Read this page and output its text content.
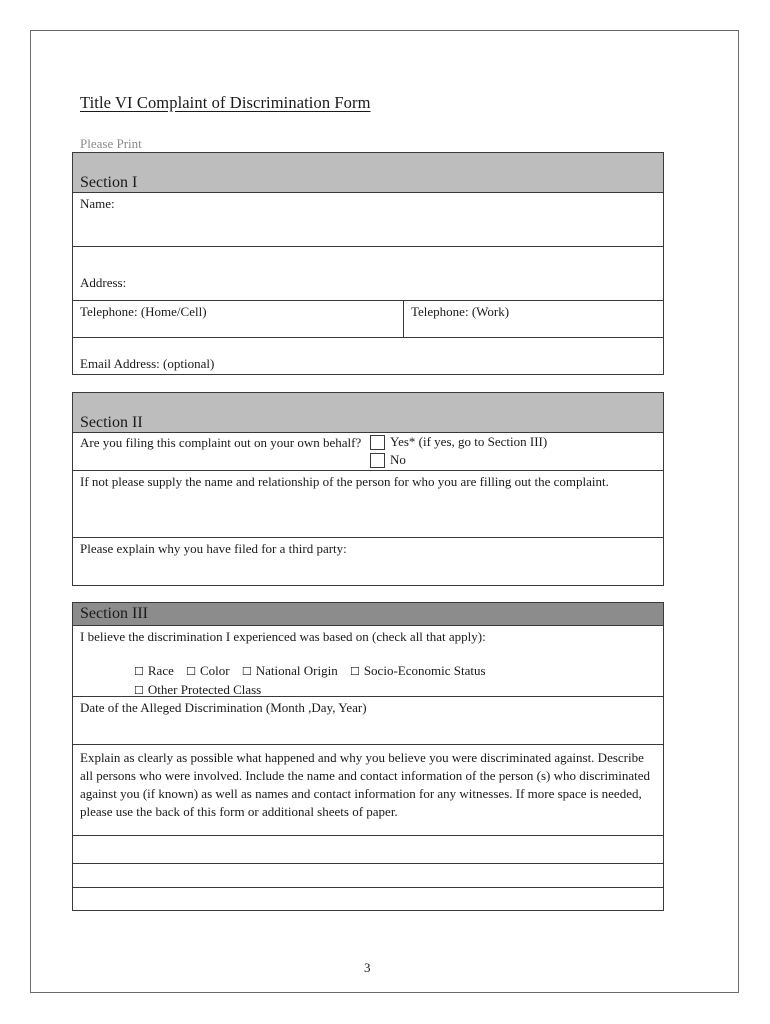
Title VI Complaint of Discrimination Form
Please Print
Section I
Name:
Address:
Telephone: (Home/Cell)	Telephone: (Work)
Email Address: (optional)
Section II
Are you filing this complaint out on your own behalf?	Yes* (if yes, go to Section III)
No
If not please supply the name and relationship of the person for who you are filling out the complaint.
Please explain why you have filed for a third party:
Section III
I believe the discrimination I experienced was based on (check all that apply):
☐ Race ☐ Color ☐ National Origin ☐ Socio-Economic Status
☐ Other Protected Class
Date of the Alleged Discrimination (Month ,Day, Year)
Explain as clearly as possible what happened and why you believe you were discriminated against. Describe all persons who were involved. Include the name and contact information of the person (s) who discriminated against you (if known) as well as names and contact information for any witnesses. If more space is needed, please use the back of this form or additional sheets of paper.
3
